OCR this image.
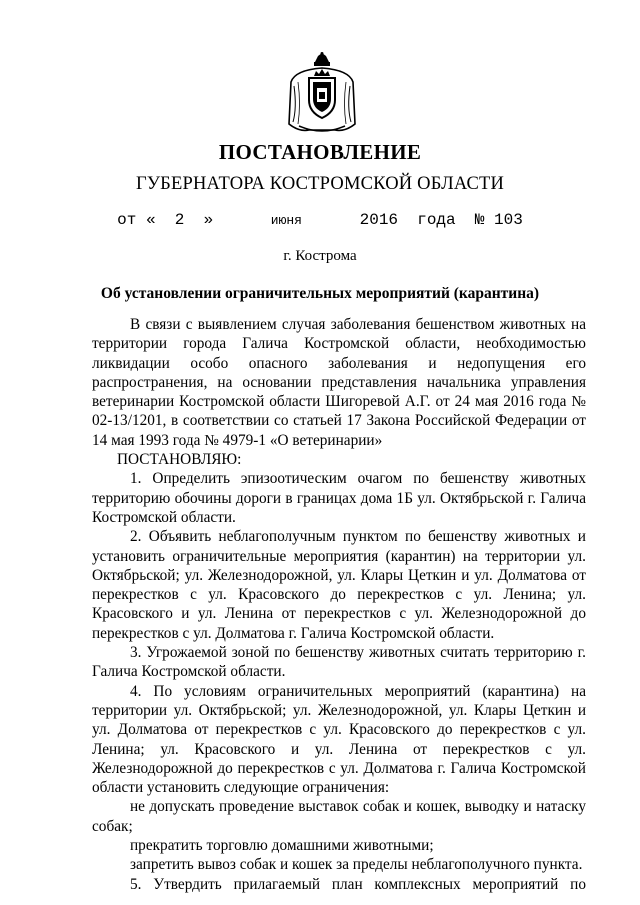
ПОСТАНОВЛЕНИЕ
ГУБЕРНАТОРА КОСТРОМСКОЙ ОБЛАСТИ
от « 2 »	июня	2016  года № 103
г. Кострома
Об установлении ограничительных мероприятий (карантина)

В связи с выявлением случая заболевания бешенством животных на территории города Галича Костромской области, необходимостью ликвидации особо опасного заболевания и недопущения его распространения, на основании представления начальника управления ветеринарии Костромской области Шигоревой А.Г. от 24 мая 2016 года № 02-13/1201, в соответствии со статьей 17 Закона Российской Федерации от 14 мая 1993 года № 4979-1 «О ветеринарии»

ПОСТАНОВЛЯЮ:

1. Определить эпизоотическим очагом по бешенству животных территорию обочины дороги в границах дома 1Б ул. Октябрьской г. Галича Костромской области.

2. Объявить неблагополучным пунктом по бешенству животных и установить ограничительные мероприятия (карантин) на территории ул. Октябрьской; ул. Железнодорожной, ул. Клары Цеткин и ул. Долматова от перекрестков с ул. Красовского до перекрестков с ул. Ленина; ул. Красовского и ул. Ленина от перекрестков с ул. Железнодорожной до перекрестков с ул. Долматова г. Галича Костромской области.

3. Угрожаемой зоной по бешенству животных считать территорию г. Галича Костромской области.

4. По условиям ограничительных мероприятий (карантина) на территории ул. Октябрьской; ул. Железнодорожной, ул. Клары Цеткин и ул. Долматова от перекрестков с ул. Красовского до перекрестков с ул. Ленина; ул. Красовского и ул. Ленина от перекрестков с ул. Железнодорожной до перекрестков с ул. Долматова г. Галича Костромской области установить следующие ограничения:

не допускать проведение выставок собак и кошек, выводку и натаску собак;

прекратить торговлю домашними животными;

запретить вывоз собак и кошек за пределы неблагополучного пункта.

5. Утвердить прилагаемый план комплексных мероприятий по
